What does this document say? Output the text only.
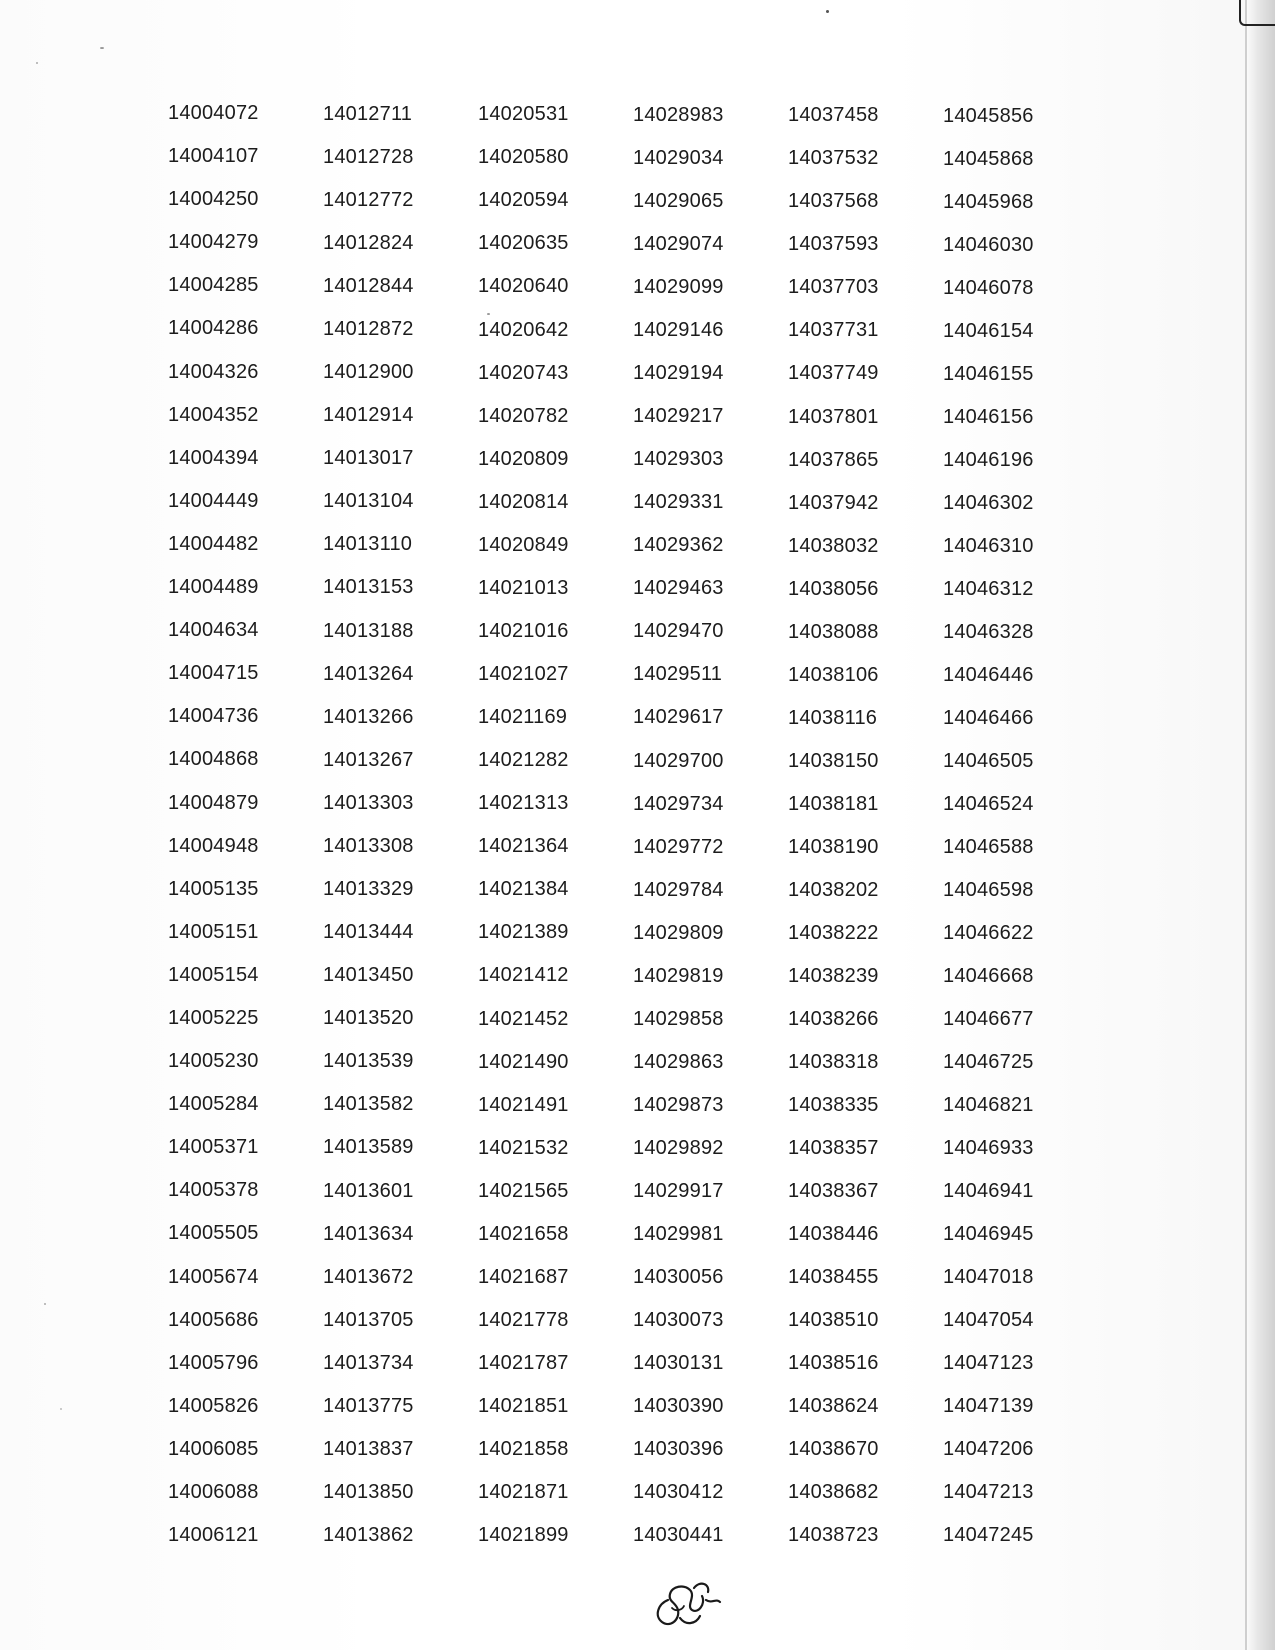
14004072
14004107
14004250
14004279
14004285
14004286
14004326
14004352
14004394
14004449
14004482
14004489
14004634
14004715
14004736
14004868
14004879
14004948
14005135
14005151
14005154
14005225
14005230
14005284
14005371
14005378
14005505
14005674
14005686
14005796
14005826
14006085
14006088
14006121
14012711
14012728
14012772
14012824
14012844
14012872
14012900
14012914
14013017
14013104
14013110
14013153
14013188
14013264
14013266
14013267
14013303
14013308
14013329
14013444
14013450
14013520
14013539
14013582
14013589
14013601
14013634
14013672
14013705
14013734
14013775
14013837
14013850
14013862
14020531
14020580
14020594
14020635
14020640
14020642
14020743
14020782
14020809
14020814
14020849
14021013
14021016
14021027
14021169
14021282
14021313
14021364
14021384
14021389
14021412
14021452
14021490
14021491
14021532
14021565
14021658
14021687
14021778
14021787
14021851
14021858
14021871
14021899
14028983
14029034
14029065
14029074
14029099
14029146
14029194
14029217
14029303
14029331
14029362
14029463
14029470
14029511
14029617
14029700
14029734
14029772
14029784
14029809
14029819
14029858
14029863
14029873
14029892
14029917
14029981
14030056
14030073
14030131
14030390
14030396
14030412
14030441
14037458
14037532
14037568
14037593
14037703
14037731
14037749
14037801
14037865
14037942
14038032
14038056
14038088
14038106
14038116
14038150
14038181
14038190
14038202
14038222
14038239
14038266
14038318
14038335
14038357
14038367
14038446
14038455
14038510
14038516
14038624
14038670
14038682
14038723
14045856
14045868
14045968
14046030
14046078
14046154
14046155
14046156
14046196
14046302
14046310
14046312
14046328
14046446
14046466
14046505
14046524
14046588
14046598
14046622
14046668
14046677
14046725
14046821
14046933
14046941
14046945
14047018
14047054
14047123
14047139
14047206
14047213
14047245
